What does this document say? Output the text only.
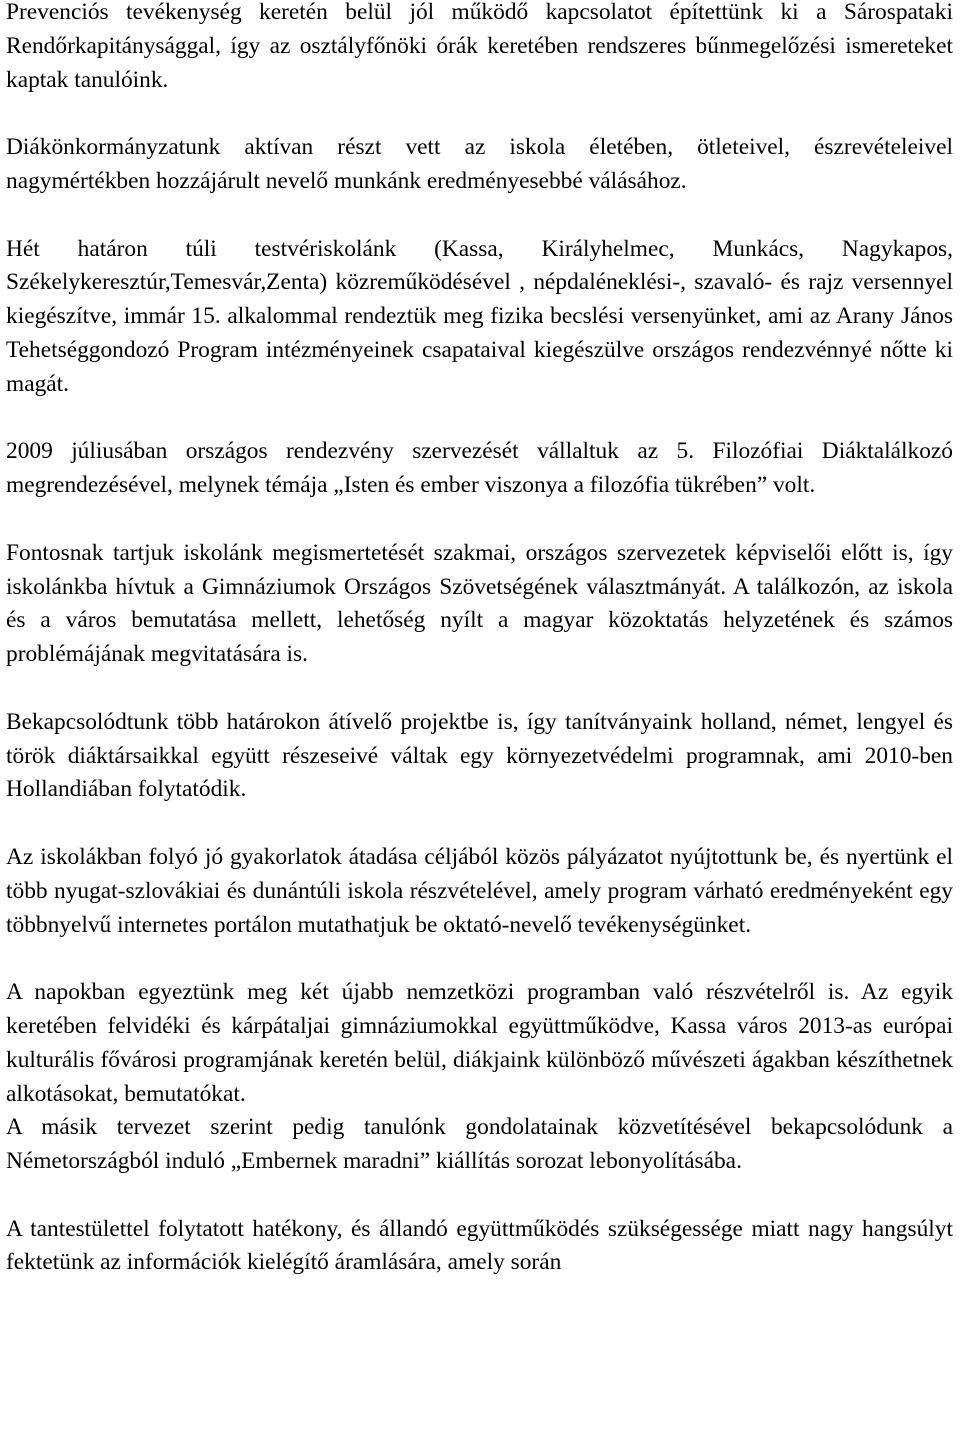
Prevenciós tevékenység keretén belül jól működő kapcsolatot építettünk ki a Sárospataki Rendőrkapitánysággal, így az osztályfőnöki órák keretében rendszeres bűnmegelőzési ismereteket kaptak tanulóink.

Diákönkormányzatunk aktívan részt vett az iskola életében, ötleteivel, észrevételeivel nagymértékben hozzájárult nevelő munkánk eredményesebbé válásához.

Hét határon túli testvériskolánk (Kassa, Királyhelmec, Munkács, Nagykapos, Székelykeresztúr,Temesvár,Zenta) közreműködésével , népdaléneklési-, szavaló- és rajz versennyel kiegészítve, immár 15. alkalommal rendeztük meg fizika becslési versenyünket, ami az Arany János Tehetséggondozó Program intézményeinek csapataival kiegészülve országos rendezvénnyé nőtte ki magát.

2009 júliusában országos rendezvény szervezését vállaltuk az 5. Filozófiai Diáktalálkozó megrendezésével, melynek témája „Isten és ember viszonya a filozófia tükrében” volt.

Fontosnak tartjuk iskolánk megismertetését szakmai, országos szervezetek képviselői előtt is, így iskolánkba hívtuk a Gimnáziumok Országos Szövetségének választmányát. A találkozón, az iskola és a város bemutatása mellett, lehetőség nyílt a magyar közoktatás helyzetének és számos problémájának megvitatására is.

Bekapcsolódtunk több határokon átívelő projektbe is, így tanítványaink holland, német, lengyel és török diáktársaikkal együtt részeseivé váltak egy környezetvédelmi programnak, ami 2010-ben Hollandiában folytatódik.

Az iskolákban folyó jó gyakorlatok átadása céljából közös pályázatot nyújtottunk be, és nyertünk el több nyugat-szlovákiai és dunántúli iskola részvételével, amely program várható eredményeként egy többnyelvű internetes portálon mutathatjuk be oktató-nevelő tevékenységünket.

A napokban egyeztünk meg két újabb nemzetközi programban való részvételről is. Az egyik keretében felvidéki és kárpátaljai gimnáziumokkal együttműködve, Kassa város 2013-as európai kulturális fővárosi programjának keretén belül, diákjaink különböző művészeti ágakban készíthetnek alkotásokat, bemutatókat.

A másik tervezet szerint pedig tanulónk gondolatainak közvetítésével bekapcsolódunk a Németországból induló „Embernek maradni” kiállítás sorozat lebonyolításába.

A tantestülettel folytatott hatékony, és állandó együttműködés szükségessége miatt nagy hangsúlyt fektetünk az információk kielégítő áramlására, amely során
